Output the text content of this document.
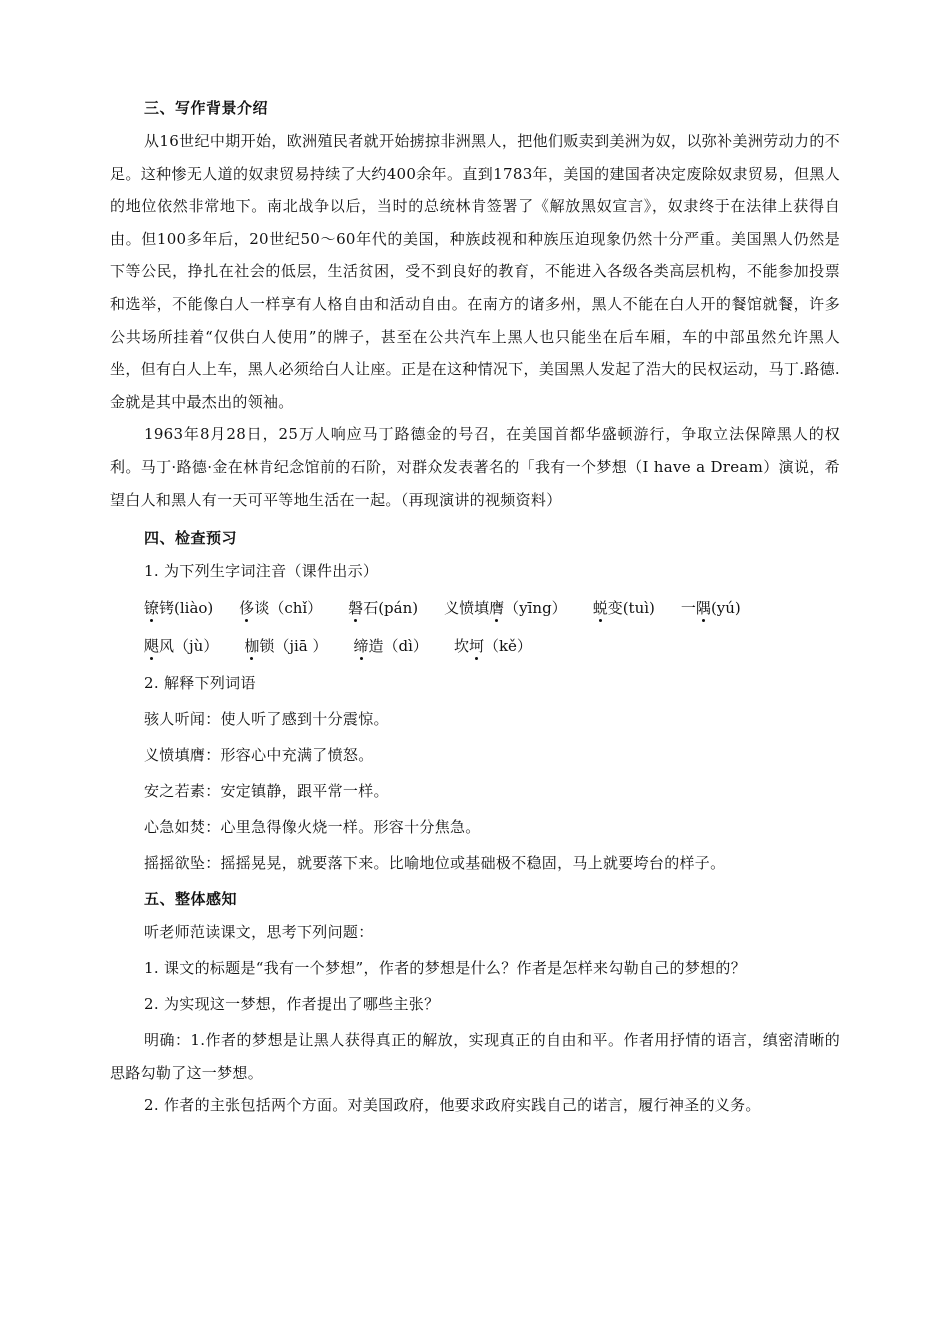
三、写作背景介绍

从16世纪中期开始，欧洲殖民者就开始掳掠非洲黑人，把他们贩卖到美洲为奴，以弥补美洲劳动力的不足。这种惨无人道的奴隶贸易持续了大约400余年。直到1783年，美国的建国者决定废除奴隶贸易，但黑人的地位依然非常地下。南北战争以后，当时的总统林肯签署了《解放黑奴宣言》，奴隶终于在法律上获得自由。但100多年后，20世纪50～60年代的美国，种族歧视和种族压迫现象仍然十分严重。美国黑人仍然是下等公民，挣扎在社会的低层，生活贫困，受不到良好的教育，不能进入各级各类高层机构，不能参加投票和选举，不能像白人一样享有人格自由和活动自由。在南方的诸多州，黑人不能在白人开的餐馆就餐，许多公共场所挂着“仅供白人使用”的牌子，甚至在公共汽车上黑人也只能坐在后车厢，车的中部虽然允许黑人坐，但有白人上车，黑人必须给白人让座。正是在这种情况下，美国黑人发起了浩大的民权运动，马丁.路德.金就是其中最杰出的领袖。

1963年8月28日，25万人响应马丁路德金的号召，在美国首都华盛顿游行，争取立法保障黑人的权利。马丁·路德·金在林肯纪念馆前的石阶，对群众发表著名的「我有一个梦想（I have a Dream）演说，希望白人和黑人有一天可平等地生活在一起。（再现演讲的视频资料）

四、检查预习
1. 为下列生字词注音（课件出示）
镣铐(liào) 侈谈（chǐ） 磐石(pán) 义愤填膺（yīng） 蜕变(tuì) 一隅(yú)
飓风（jù） 枷锁（jiā ） 缔造（dì） 坎坷（kě）
2. 解释下列词语
骇人听闻：使人听了感到十分震惊。
义愤填膺：形容心中充满了愤怒。
安之若素：安定镇静，跟平常一样。
心急如焚：心里急得像火烧一样。形容十分焦急。
摇摇欲坠：摇摇晃晃，就要落下来。比喻地位或基础极不稳固，马上就要垮台的样子。
五、整体感知
听老师范读课文，思考下列问题：
1. 课文的标题是“我有一个梦想”，作者的梦想是什么？作者是怎样来勾勒自己的梦想的？
2. 为实现这一梦想，作者提出了哪些主张？

明确：1.作者的梦想是让黑人获得真正的解放，实现真正的自由和平。作者用抒情的语言，缜密清晰的思路勾勒了这一梦想。

2. 作者的主张包括两个方面。对美国政府，他要求政府实践自己的诺言，履行神圣的义务。
